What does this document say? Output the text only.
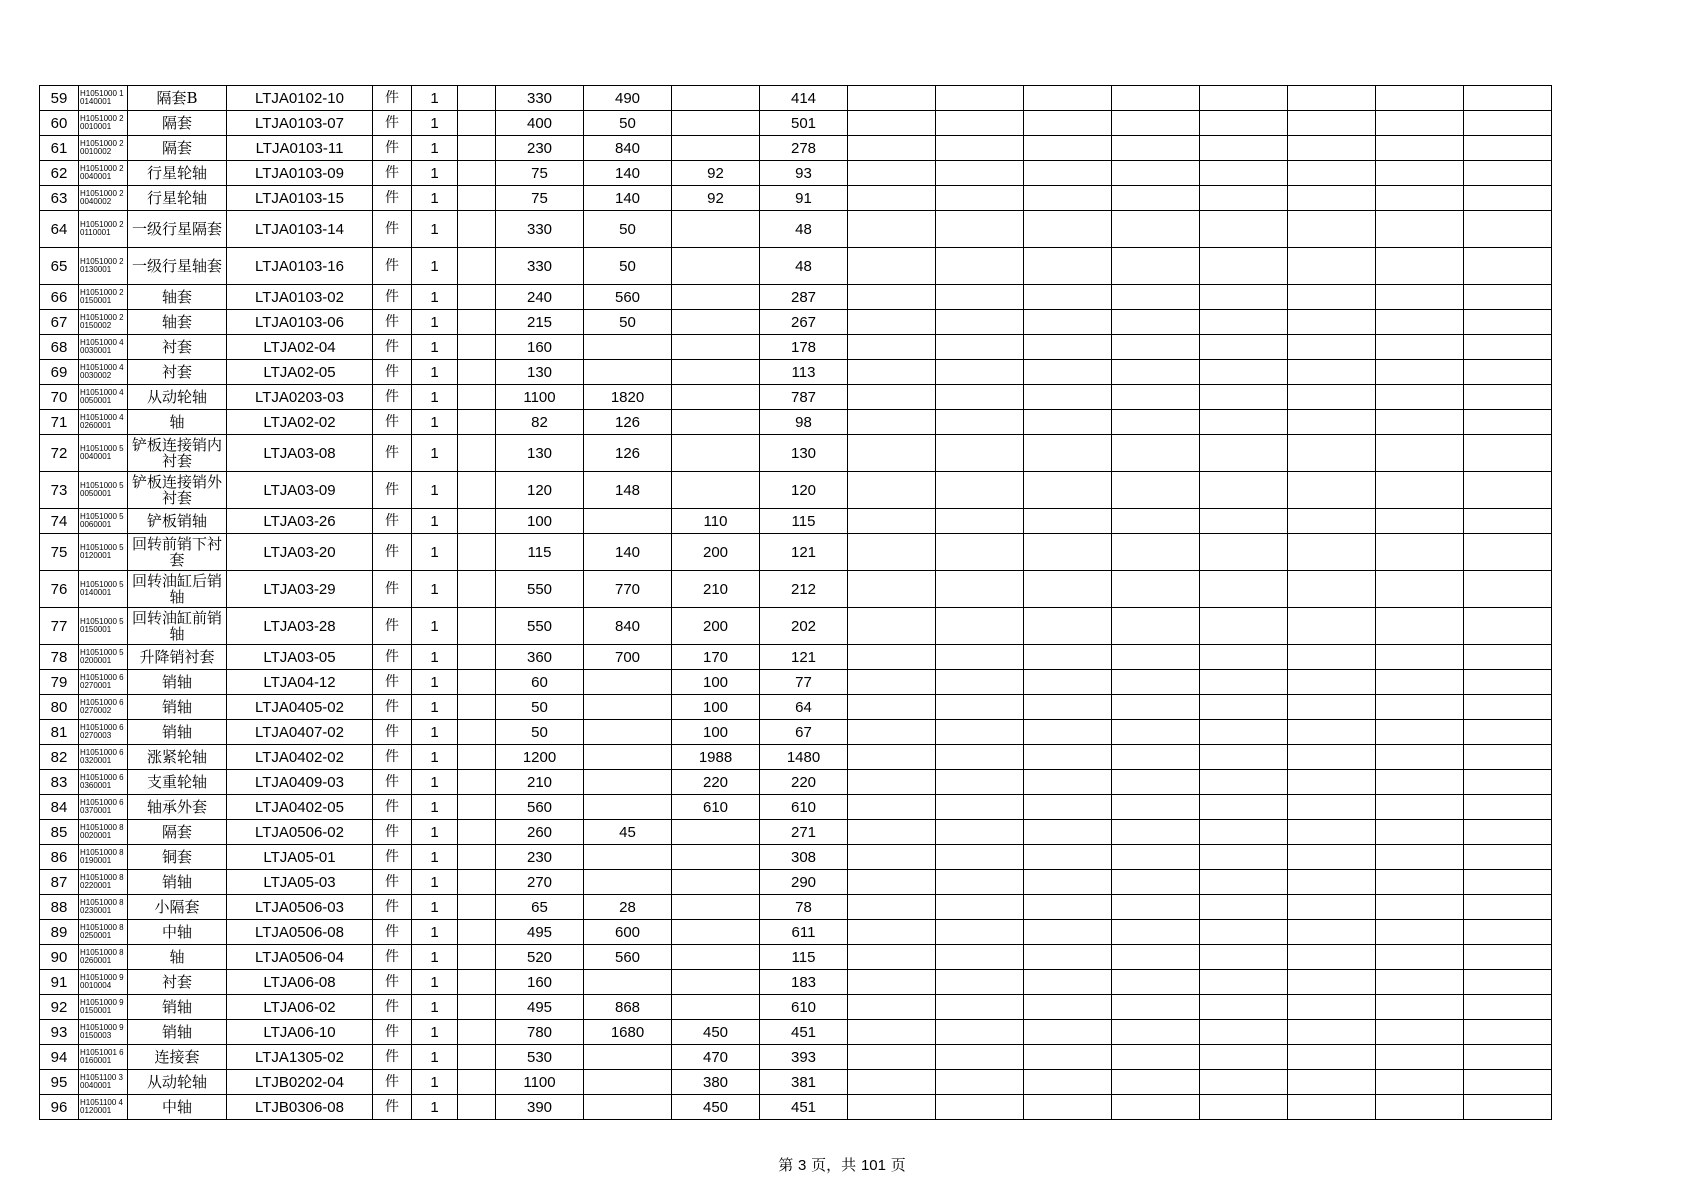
59	H1051000 10140001	隔套B	LTJA0102-10	件	1		330	490		414								
60	H1051000 20010001	隔套	LTJA0103-07	件	1		400	50		501								
61	H1051000 20010002	隔套	LTJA0103-11	件	1		230	840		278								
62	H1051000 20040001	行星轮轴	LTJA0103-09	件	1		75	140	92	93								
63	H1051000 20040002	行星轮轴	LTJA0103-15	件	1		75	140	92	91								
64	H1051000 20110001	一级行星隔套	LTJA0103-14	件	1		330	50		48								
65	H1051000 20130001	一级行星轴套	LTJA0103-16	件	1		330	50		48								
66	H1051000 20150001	轴套	LTJA0103-02	件	1		240	560		287								
67	H1051000 20150002	轴套	LTJA0103-06	件	1		215	50		267								
68	H1051000 40030001	衬套	LTJA02-04	件	1		160			178								
69	H1051000 40030002	衬套	LTJA02-05	件	1		130			113								
70	H1051000 40050001	从动轮轴	LTJA0203-03	件	1		1100	1820		787								
71	H1051000 40260001	轴	LTJA02-02	件	1		82	126		98								
72	H1051000 50040001	铲板连接销内衬套	LTJA03-08	件	1		130	126		130								
73	H1051000 50050001	铲板连接销外衬套	LTJA03-09	件	1		120	148		120								
74	H1051000 50060001	铲板销轴	LTJA03-26	件	1		100		110	115								
75	H1051000 50120001	回转前销下衬套	LTJA03-20	件	1		115	140	200	121								
76	H1051000 50140001	回转油缸后销轴	LTJA03-29	件	1		550	770	210	212								
77	H1051000 50150001	回转油缸前销轴	LTJA03-28	件	1		550	840	200	202								
78	H1051000 50200001	升降销衬套	LTJA03-05	件	1		360	700	170	121								
79	H1051000 60270001	销轴	LTJA04-12	件	1		60		100	77								
80	H1051000 60270002	销轴	LTJA0405-02	件	1		50		100	64								
81	H1051000 60270003	销轴	LTJA0407-02	件	1		50		100	67								
82	H1051000 60320001	涨紧轮轴	LTJA0402-02	件	1		1200		1988	1480								
83	H1051000 60360001	支重轮轴	LTJA0409-03	件	1		210		220	220								
84	H1051000 60370001	轴承外套	LTJA0402-05	件	1		560		610	610								
85	H1051000 80020001	隔套	LTJA0506-02	件	1		260	45		271								
86	H1051000 80190001	铜套	LTJA05-01	件	1		230			308								
87	H1051000 80220001	销轴	LTJA05-03	件	1		270			290								
88	H1051000 80230001	小隔套	LTJA0506-03	件	1		65	28		78								
89	H1051000 80250001	中轴	LTJA0506-08	件	1		495	600		611								
90	H1051000 80260001	轴	LTJA0506-04	件	1		520	560		115								
91	H1051000 90010004	衬套	LTJA06-08	件	1		160			183								
92	H1051000 90150001	销轴	LTJA06-02	件	1		495	868		610								
93	H1051000 90150003	销轴	LTJA06-10	件	1		780	1680	450	451								
94	H1051001 60160001	连接套	LTJA1305-02	件	1		530		470	393								
95	H1051100 30040001	从动轮轴	LTJB0202-04	件	1		1100		380	381								
96	H1051100 40120001	中轴	LTJB0306-08	件	1		390		450	451								
第 3 页，共 101 页
